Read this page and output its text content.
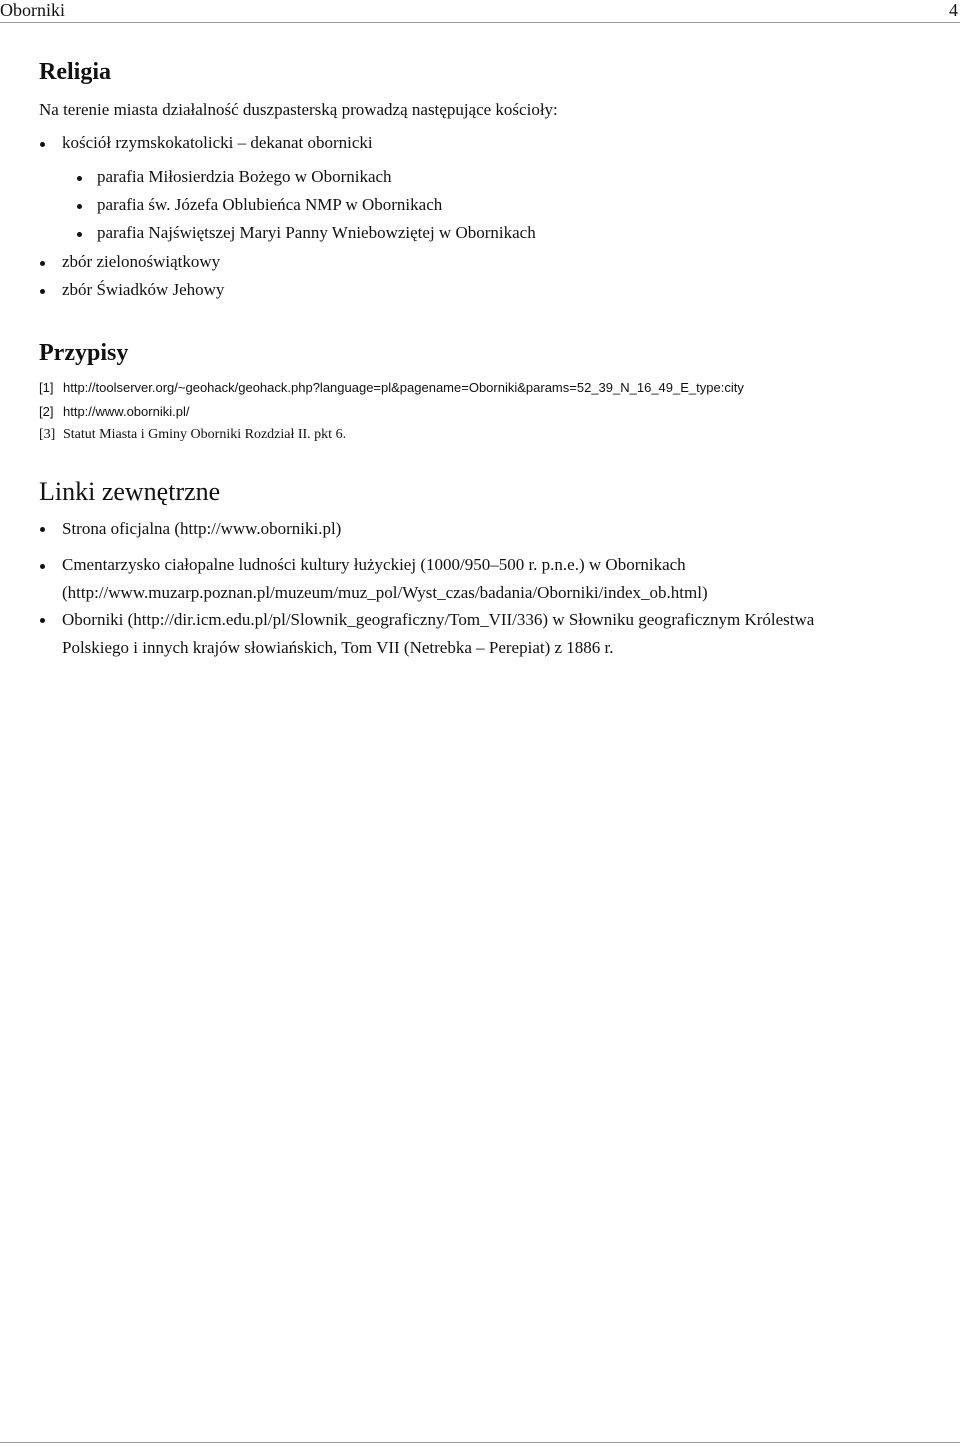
Oborniki	4
Religia
Na terenie miasta działalność duszpasterską prowadzą następujące kościoły:
kościół rzymskokatolicki – dekanat obornicki
parafia Miłosierdzia Bożego w Obornikach
parafia św. Józefa Oblubieńca NMP w Obornikach
parafia Najświętszej Maryi Panny Wniebowziętej w Obornikach
zbór zielonoświątkowy
zbór Świadków Jehowy
Przypisy
[1] http://toolserver.org/~geohack/geohack.php?language=pl&pagename=Oborniki&params=52_39_N_16_49_E_type:city
[2] http://www.oborniki.pl/
[3] Statut Miasta i Gminy Oborniki Rozdział II. pkt 6.
Linki zewnętrzne
Strona oficjalna (http://www.oborniki.pl)
Cmentarzysko ciałopalne ludności kultury łużyckiej (1000/950–500 r. p.n.e.) w Obornikach (http://www.muzarp.poznan.pl/muzeum/muz_pol/Wyst_czas/badania/Oborniki/index_ob.html)
Oborniki (http://dir.icm.edu.pl/pl/Slownik_geograficzny/Tom_VII/336) w Słowniku geograficznym Królestwa Polskiego i innych krajów słowiańskich, Tom VII (Netrebka – Perepiat) z 1886 r.
